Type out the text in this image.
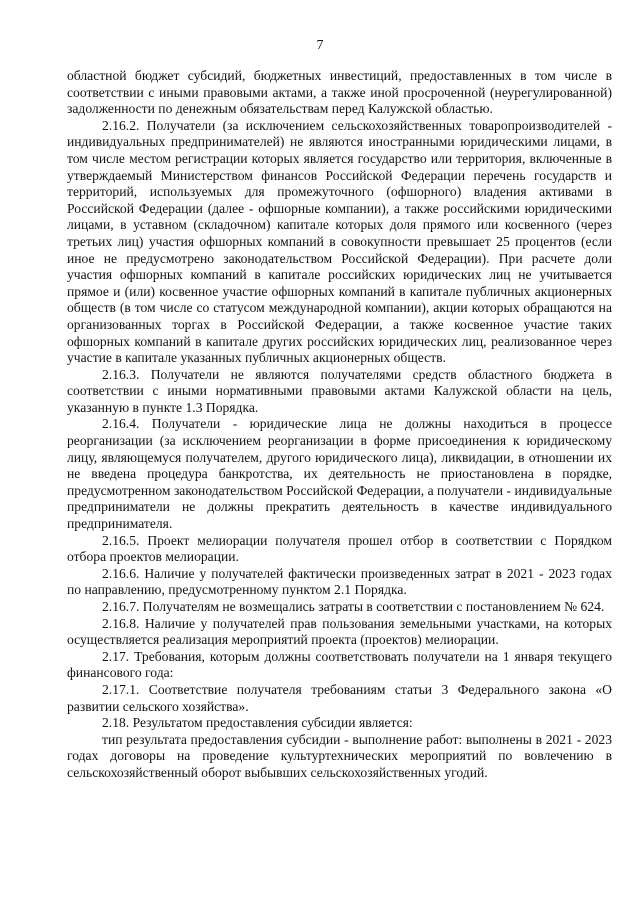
7

областной бюджет субсидий, бюджетных инвестиций, предоставленных в том числе в соответствии с иными правовыми актами, а также иной просроченной (неурегулированной) задолженности по денежным обязательствам перед Калужской областью.

2.16.2. Получатели (за исключением сельскохозяйственных товаропроизводителей - индивидуальных предпринимателей) не являются иностранными юридическими лицами, в том числе местом регистрации которых является государство или территория, включенные в утверждаемый Министерством финансов Российской Федерации перечень государств и территорий, используемых для промежуточного (офшорного) владения активами в Российской Федерации (далее - офшорные компании), а также российскими юридическими лицами, в уставном (складочном) капитале которых доля прямого или косвенного (через третьих лиц) участия офшорных компаний в совокупности превышает 25 процентов (если иное не предусмотрено законодательством Российской Федерации). При расчете доли участия офшорных компаний в капитале российских юридических лиц не учитывается прямое и (или) косвенное участие офшорных компаний в капитале публичных акционерных обществ (в том числе со статусом международной компании), акции которых обращаются на организованных торгах в Российской Федерации, а также косвенное участие таких офшорных компаний в капитале других российских юридических лиц, реализованное через участие в капитале указанных публичных акционерных обществ.

2.16.3. Получатели не являются получателями средств областного бюджета в соответствии с иными нормативными правовыми актами Калужской области на цель, указанную в пункте 1.3 Порядка.

2.16.4. Получатели - юридические лица не должны находиться в процессе реорганизации (за исключением реорганизации в форме присоединения к юридическому лицу, являющемуся получателем, другого юридического лица), ликвидации, в отношении их не введена процедура банкротства, их деятельность не приостановлена в порядке, предусмотренном законодательством Российской Федерации, а получатели - индивидуальные предприниматели не должны прекратить деятельность в качестве индивидуального предпринимателя.

2.16.5. Проект мелиорации получателя прошел отбор в соответствии с Порядком отбора проектов мелиорации.

2.16.6. Наличие у получателей фактически произведенных затрат в 2021 - 2023 годах по направлению, предусмотренному пунктом 2.1 Порядка.

2.16.7. Получателям не возмещались затраты в соответствии с постановлением № 624.

2.16.8. Наличие у получателей прав пользования земельными участками, на которых осуществляется реализация мероприятий проекта (проектов) мелиорации.

2.17. Требования, которым должны соответствовать получатели на 1 января текущего финансового года:

2.17.1. Соответствие получателя требованиям статьи 3 Федерального закона «О развитии сельского хозяйства».

2.18. Результатом предоставления субсидии является:

тип результата предоставления субсидии - выполнение работ: выполнены в 2021 - 2023 годах договоры на проведение культуртехнических мероприятий по вовлечению в сельскохозяйственный оборот выбывших сельскохозяйственных угодий.
